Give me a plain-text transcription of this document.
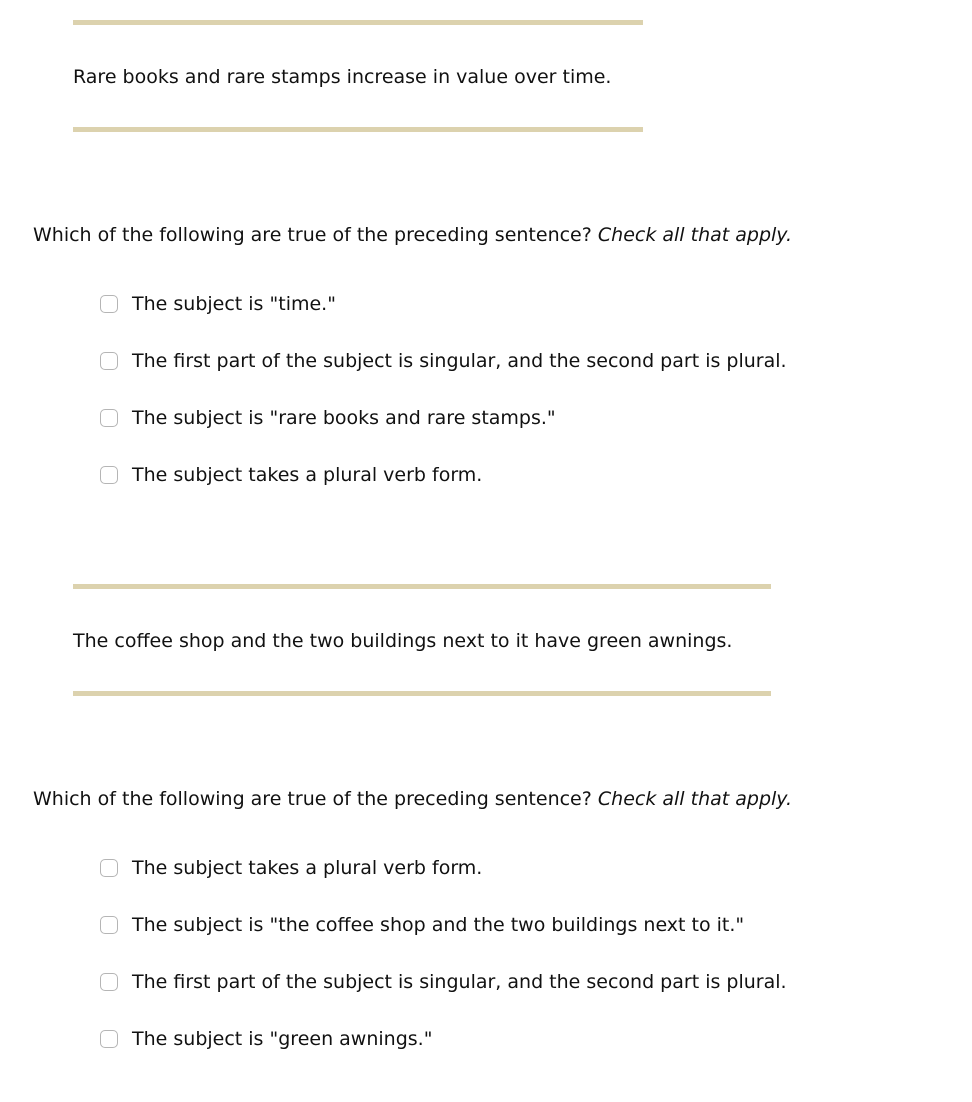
Rare books and rare stamps increase in value over time.
Which of the following are true of the preceding sentence? Check all that apply.
The subject is "time."
The first part of the subject is singular, and the second part is plural.
The subject is "rare books and rare stamps."
The subject takes a plural verb form.
The coffee shop and the two buildings next to it have green awnings.
Which of the following are true of the preceding sentence? Check all that apply.
The subject takes a plural verb form.
The subject is "the coffee shop and the two buildings next to it."
The first part of the subject is singular, and the second part is plural.
The subject is "green awnings."
